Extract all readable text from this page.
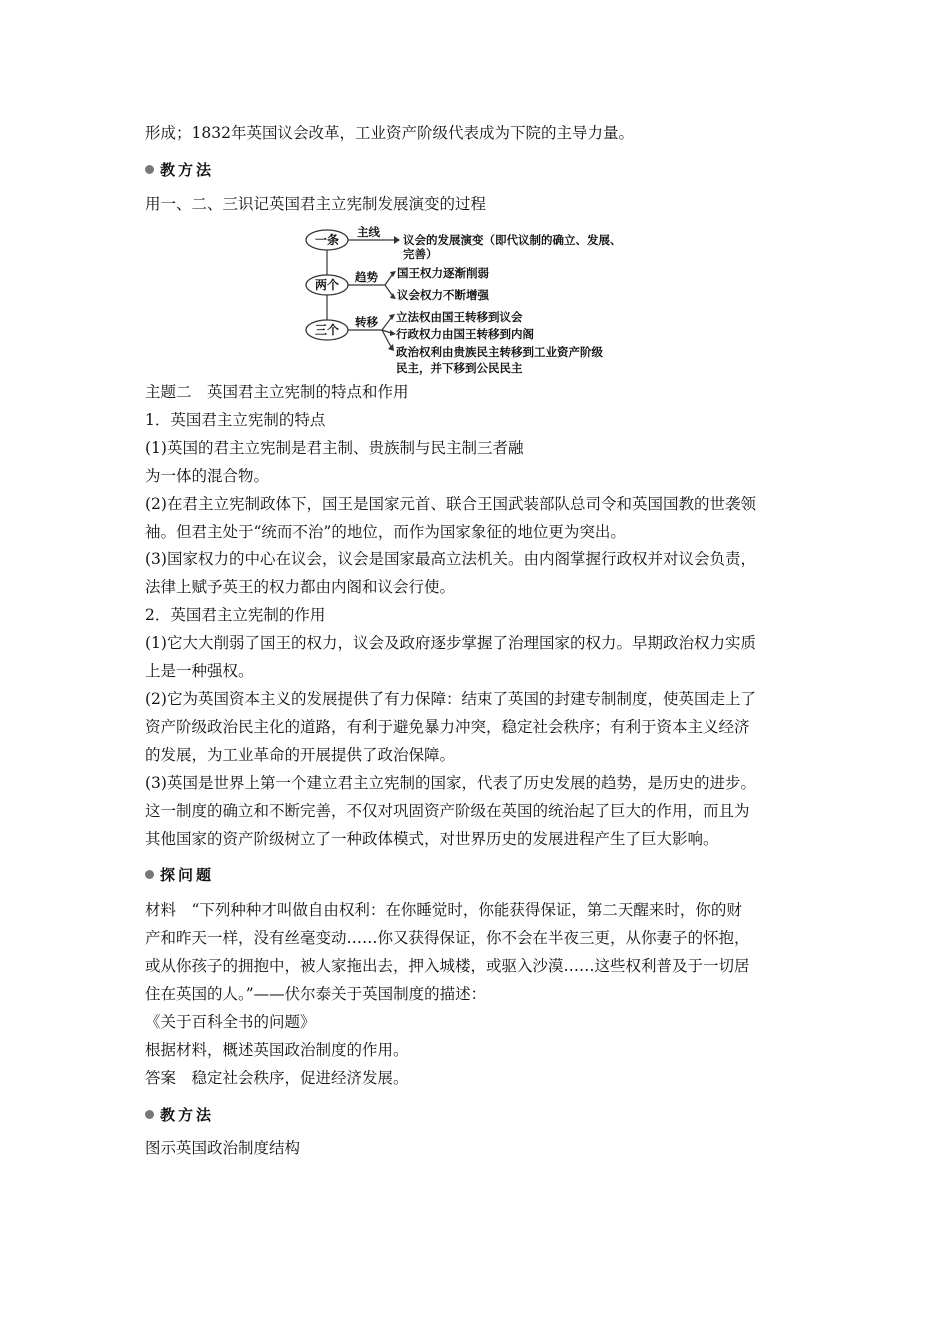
形成；1832年英国议会改革，工业资产阶级代表成为下院的主导力量。
教方法
用一、二、三识记英国君主立宪制发展演变的过程
一条
主线
议会的发展演变（即代议制的确立、发展、
完善）
两个
趋势 国王权力逐渐削弱
议会权力不断增强
三个
转移 立法权由国王转移到议会
行政权力由国王转移到内阁
政治权利由贵族民主转移到工业资产阶级
民主，并下移到公民民主
主题二　英国君主立宪制的特点和作用
1．英国君主立宪制的特点
(1)英国的君主立宪制是君主制、贵族制与民主制三者融
为一体的混合物。
(2)在君主立宪制政体下，国王是国家元首、联合王国武装部队总司令和英国国教的世袭领
袖。但君主处于“统而不治”的地位，而作为国家象征的地位更为突出。
(3)国家权力的中心在议会，议会是国家最高立法机关。由内阁掌握行政权并对议会负责，
法律上赋予英王的权力都由内阁和议会行使。
2．英国君主立宪制的作用
(1)它大大削弱了国王的权力，议会及政府逐步掌握了治理国家的权力。早期政治权力实质
上是一种强权。
(2)它为英国资本主义的发展提供了有力保障：结束了英国的封建专制制度，使英国走上了
资产阶级政治民主化的道路，有利于避免暴力冲突，稳定社会秩序；有利于资本主义经济
的发展，为工业革命的开展提供了政治保障。
(3)英国是世界上第一个建立君主立宪制的国家，代表了历史发展的趋势，是历史的进步。
这一制度的确立和不断完善，不仅对巩固资产阶级在英国的统治起了巨大的作用，而且为
其他国家的资产阶级树立了一种政体模式，对世界历史的发展进程产生了巨大影响。
探问题
材料　“下列种种才叫做自由权利：在你睡觉时，你能获得保证，第二天醒来时，你的财
产和昨天一样，没有丝毫变动……你又获得保证，你不会在半夜三更，从你妻子的怀抱，
或从你孩子的拥抱中，被人家拖出去，押入城楼，或驱入沙漠……这些权利普及于一切居
住在英国的人。”——伏尔泰关于英国制度的描述：
《关于百科全书的问题》
根据材料，概述英国政治制度的作用。
答案　稳定社会秩序，促进经济发展。
教方法
图示英国政治制度结构
